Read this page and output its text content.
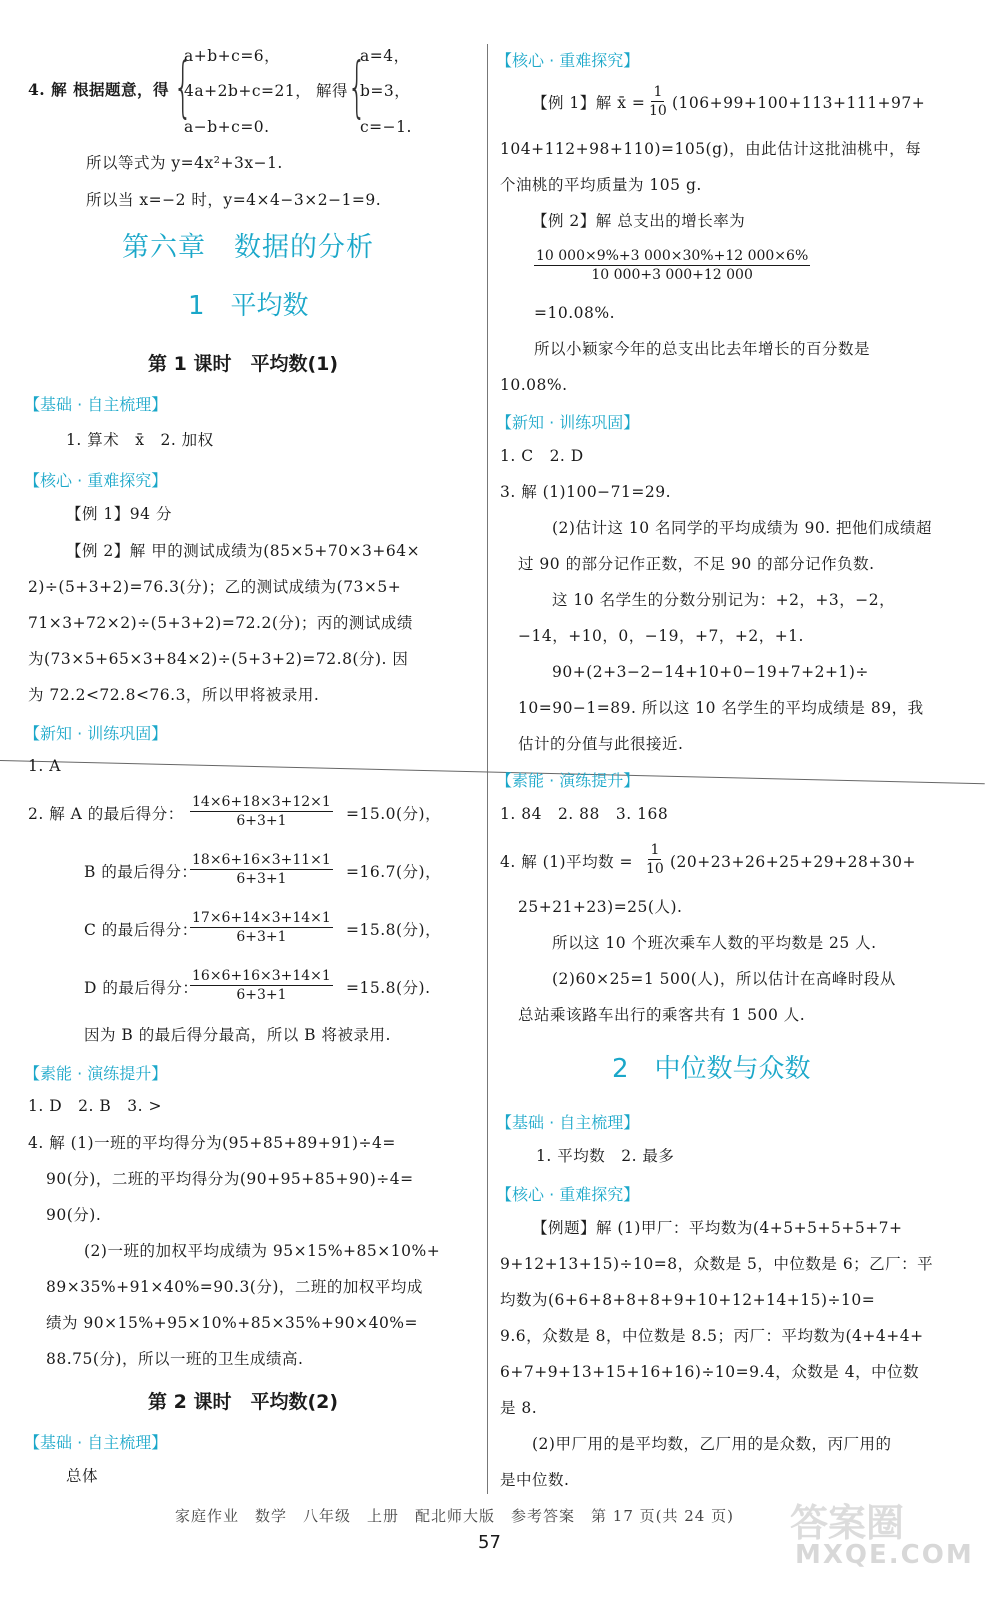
4. 解 根据题意，得 {
a+b+c=6，
4a+2b+c=21，
a−b+c=0.
解得 {
a=4，
b=3，
c=−1.
所以等式为 y=4x²+3x−1.
所以当 x=−2 时，y=4×4−3×2−1=9.
第六章　数据的分析
1　平均数
第 1 课时　平均数(1)
【 基础 · 自主梳理 】
1. 算术　x̄　2. 加权
【 核心 · 重难探究 】
【例 1】94 分
【例 2】解 甲的测试成绩为(85×5+70×3+64×
2)÷(5+3+2)=76.3(分)；乙的测试成绩为(73×5+
71×3+72×2)÷(5+3+2)=72.2(分)；丙的测试成绩
为(73×5+65×3+84×2)÷(5+3+2)=72.8(分). 因
为 72.2<72.8<76.3，所以甲将被录用.
【 新知 · 训练巩固 】
1. A
2. 解 A 的最后得分： $\frac{14\times 6+18\times 3+12\times 1}{6+3+1} =15.0$(分)，
B 的最后得分：
$\frac{18\times 6+16\times 3+11\times 1}{6+3+1} =16.7$(分)，
C 的最后得分：
$\frac{17\times 6+14\times 3+14\times 1}{6+3+1} =15.8$(分)，
D 的最后得分：
$\frac{16\times 6+16\times 3+14\times 1}{6+3+1} =15.8$(分).
因为 B 的最后得分最高，所以 B 将被录用.
【 素能 · 演练提升 】
1. D　2. B　3. >
4. 解 (1)一班的平均得分为(95+85+89+91)÷4=
90(分)，二班的平均得分为(90+95+85+90)÷4=
90(分).
(2)一班的加权平均成绩为 95×15%+85×10%+
89×35%+91×40%=90.3(分)，二班的加权平均成
绩为 90×15%+95×10%+85×35%+90×40%=
88.75(分)，所以一班的卫生成绩高.
第 2 课时　平均数(2)
【 基础 · 自主梳理 】
总体
【 核心 · 重难探究 】
【例 1】解 x̄ = $\frac{1}{10} (106+99+100+113+111+97+$
104+112+98+110)=105(g)，由此估计这批油桃中，每
个油桃的平均质量为 105 g.
【例 2】解 总支出的增长率为
$\frac{10 000\times 9\%+3 000\times 30\%+12 000\times 6\%}{10 000+3 000+12 000}$
=10.08%.
所以小颖家今年的总支出比去年增长的百分数是
10.08%.
【 新知 · 训练巩固 】
1. C　2. D
3. 解 (1)100−71=29.
(2)估计这 10 名同学的平均成绩为 90. 把他们成绩超
过 90 的部分记作正数，不足 90 的部分记作负数.
这 10 名学生的分数分别记为：+2，+3，−2，
−14，+10，0，−19，+7，+2，+1.
90+(2+3−2−14+10+0−19+7+2+1)÷
10=90−1=89. 所以这 10 名学生的平均成绩是 89，我
估计的分值与此很接近.
【 素能 · 演练提升 】
1. 84　2. 88　3. 168
4. 解 (1)平均数 = $\frac{1}{10} (20+23+26+25+29+28+30+$
25+21+23)=25(人).
所以这 10 个班次乘车人数的平均数是 25 人.
(2)60×25=1 500(人)，所以估计在高峰时段从
总站乘该路车出行的乘客共有 1 500 人.
2　中位数与众数
【 基础 · 自主梳理 】
1. 平均数　2. 最多
【 核心 · 重难探究 】
【例题】解 (1)甲厂：平均数为(4+5+5+5+5+7+
9+12+13+15)÷10=8，众数是 5，中位数是 6；乙厂：平
均数为(6+6+8+8+8+9+10+12+14+15)÷10=
9.6，众数是 8，中位数是 8.5；丙厂：平均数为(4+4+4+
6+7+9+13+15+16+16)÷10=9.4，众数是 4，中位数
是 8.
(2)甲厂用的是平均数，乙厂用的是众数，丙厂用的
是中位数.
家庭作业　数学　八年级　上册　配北师大版　参考答案　第 17 页(共 24 页)
57	答案圈
MXQE.COM
